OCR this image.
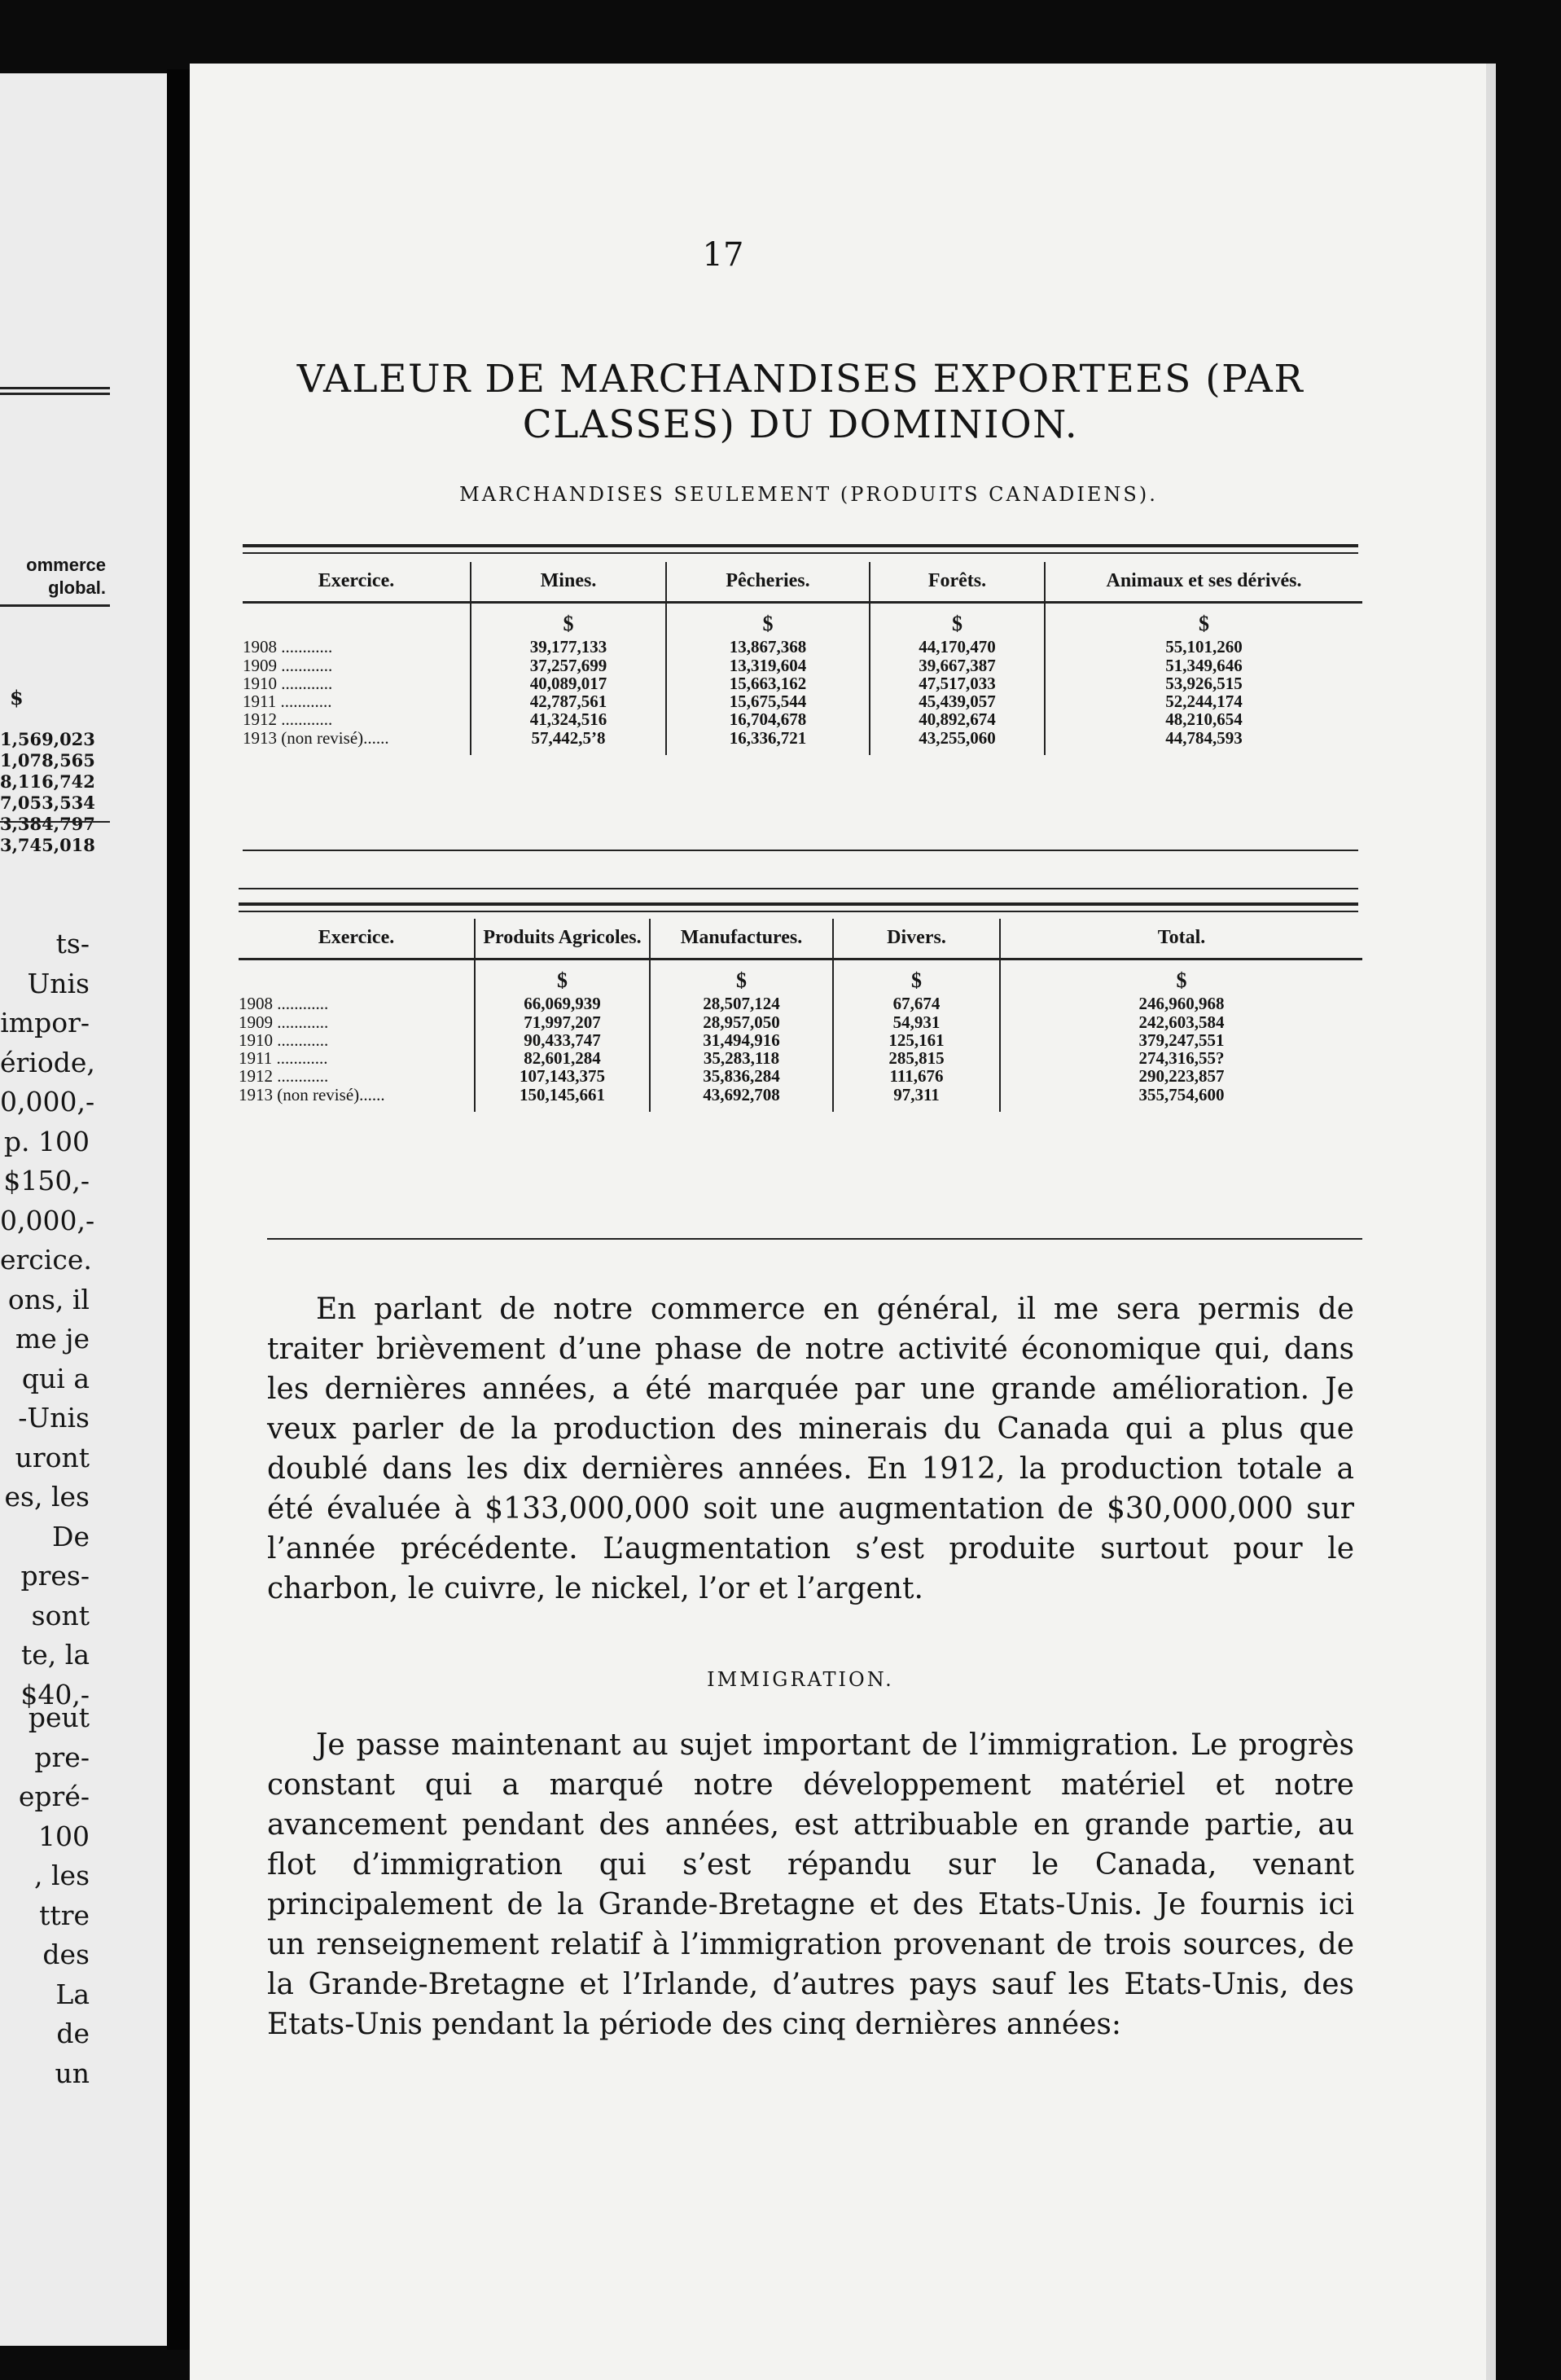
ommerce
global.
$
1,569,023
1,078,565
8,116,742
7,053,534
3,384,797
3,745,018
ts-Unis
impor-
ériode,
0,000,-
p. 100
$150,-
0,000,-
ercice.
ons, il
me je
qui a
-Unis
uront
es, les
De
pres-
sont
te, la
$40,-
peut
pre-
epré-
100
, les
ttre
des
La
de
un
17
VALEUR DE MARCHANDISES EXPORTEES (PAR
CLASSES) DU DOMINION.
MARCHANDISES SEULEMENT (PRODUITS CANADIENS).
Exercice.	Mines.	Pêcheries.	Forêts.	Animaux et ses dérivés.
	$	$	$	$
1908 ............	39,177,133	13,867,368	44,170,470	55,101,260
1909 ............	37,257,699	13,319,604	39,667,387	51,349,646
1910 ............	40,089,017	15,663,162	47,517,033	53,926,515
1911 ............	42,787,561	15,675,544	45,439,057	52,244,174
1912 ............	41,324,516	16,704,678	40,892,674	48,210,654
1913 (non revisé)......	57,442,5’8	16,336,721	43,255,060	44,784,593
Exercice.	Produits Agricoles.	Manufactures.	Divers.	Total.
	$	$	$	$
1908 ............	66,069,939	28,507,124	67,674	246,960,968
1909 ............	71,997,207	28,957,050	54,931	242,603,584
1910 ............	90,433,747	31,494,916	125,161	379,247,551
1911 ............	82,601,284	35,283,118	285,815	274,316,55?
1912 ............	107,143,375	35,836,284	111,676	290,223,857
1913 (non revisé)......	150,145,661	43,692,708	97,311	355,754,600

En parlant de notre commerce en général, il me sera permis de traiter brièvement d’une phase de notre activité économique qui, dans les dernières années, a été marquée par une grande amélioration. Je veux parler de la production des minerais du Canada qui a plus que doublé dans les dix dernières années. En 1912, la production totale a été évaluée à $133,000,000 soit une augmentation de $30,000,000 sur l’année précédente. L’augmentation s’est produite surtout pour le charbon, le cuivre, le nickel, l’or et l’argent.

IMMIGRATION.

Je passe maintenant au sujet important de l’immigration. Le progrès constant qui a marqué notre développement matériel et notre avancement pendant des années, est attribuable en grande partie, au flot d’immigration qui s’est répandu sur le Canada, venant principalement de la Grande-Bretagne et des Etats-Unis. Je fournis ici un renseignement relatif à l’immigration provenant de trois sources, de la Grande-Bretagne et l’Irlande, d’autres pays sauf les Etats-Unis, des Etats-Unis pendant la période des cinq dernières années:
